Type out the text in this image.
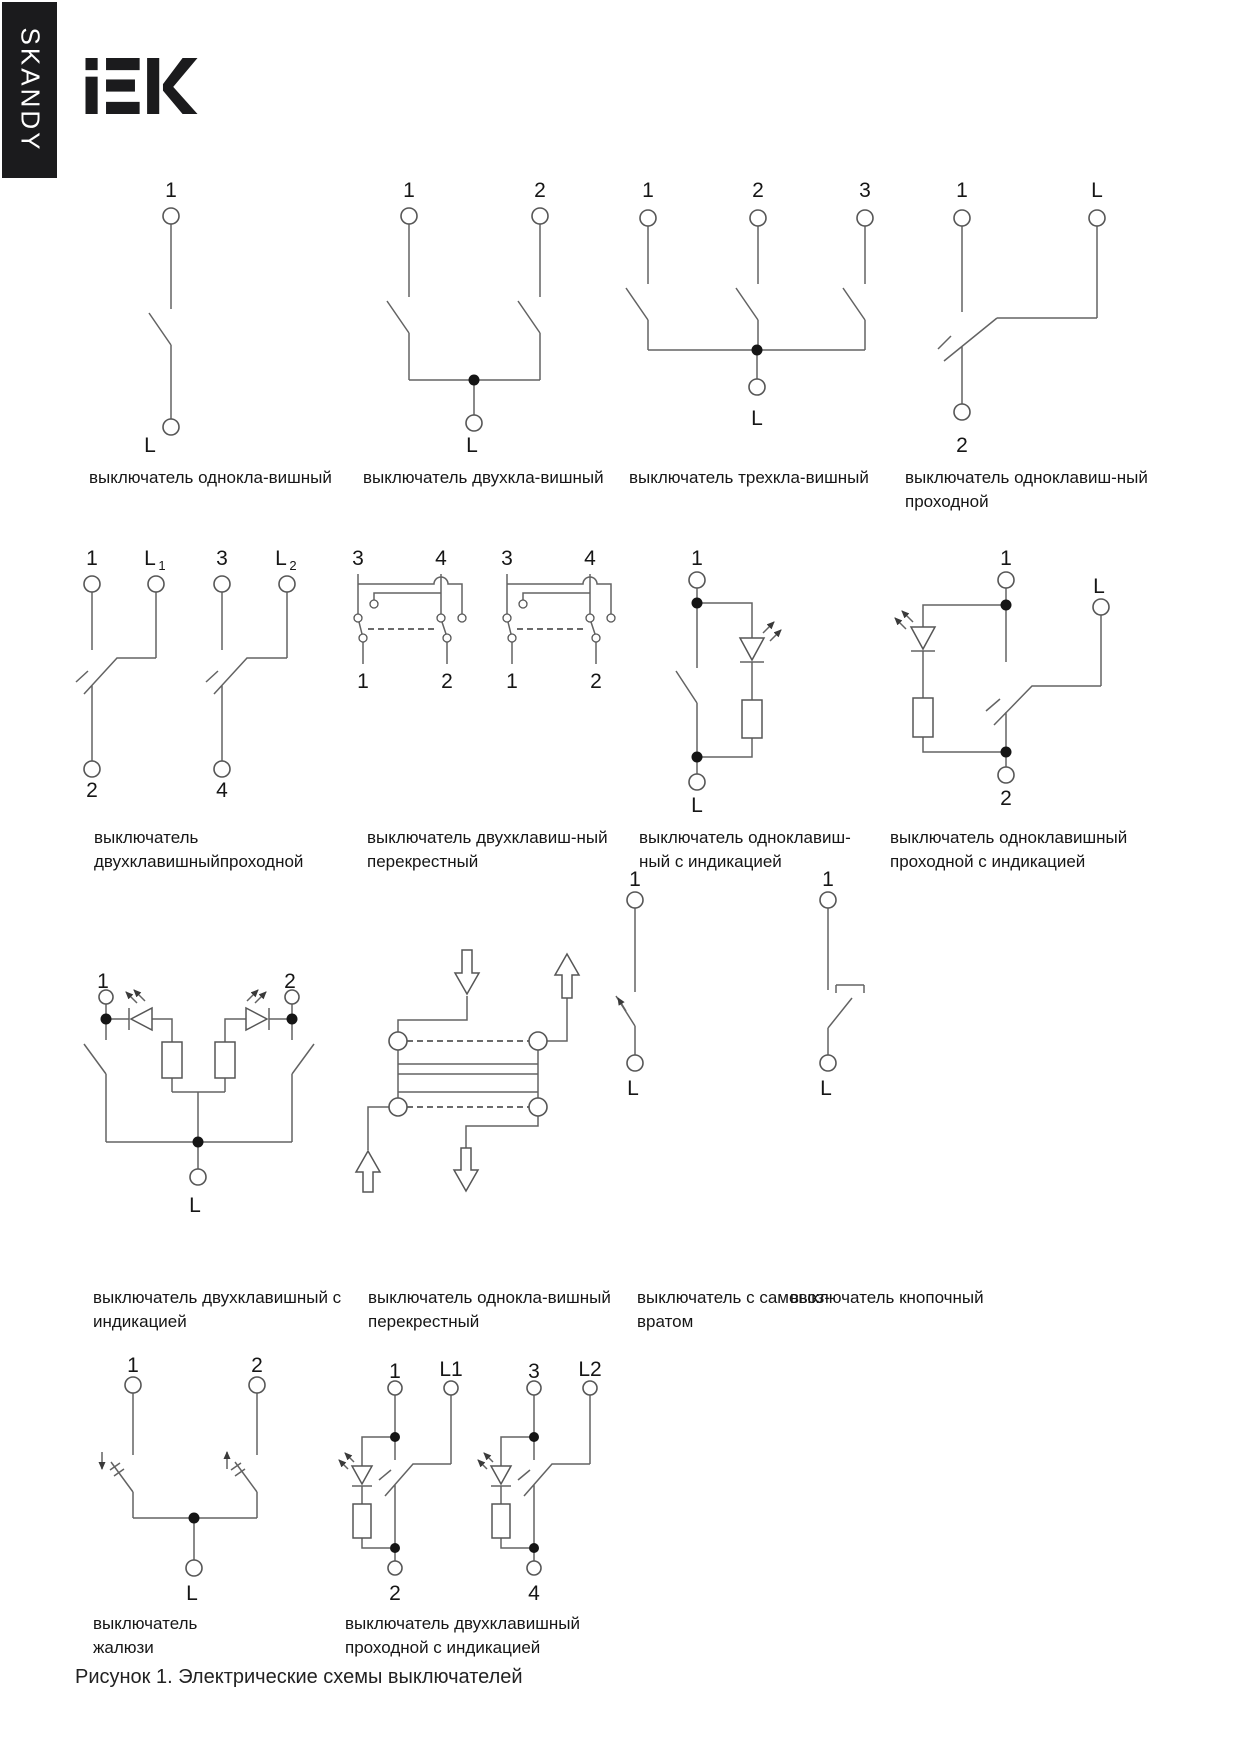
SKANDY
1
L
1	2
L
1	2	3
L
1	L
2
1 L 1 3 L 2
2	4
3	4
1	2
3	4
1	2
1
L
1
L
2
1	2
L
1
L
1
L
1	2
L
1 L1
2
3 L2
4
выключатель однокла-вишный выключатель двухкла-вишный выключатель трехкла-вишный выключатель одноклавиш-ный
проходной
выключатель
двухклавишныйпроходной
выключатель двухклавиш-ный
перекрестный
выключатель одноклавиш-
ный с индикацией
выключатель одноклавишный
проходной с индикацией
выключатель двухклавишный с
индикацией
выключатель однокла-вишный
перекрестный
выключатель с самовоз-
вратом
выключатель кнопочный
выключатель
жалюзи
выключатель двухклавишный
проходной с индикацией
Рисунок 1. Электрические схемы выключателей
